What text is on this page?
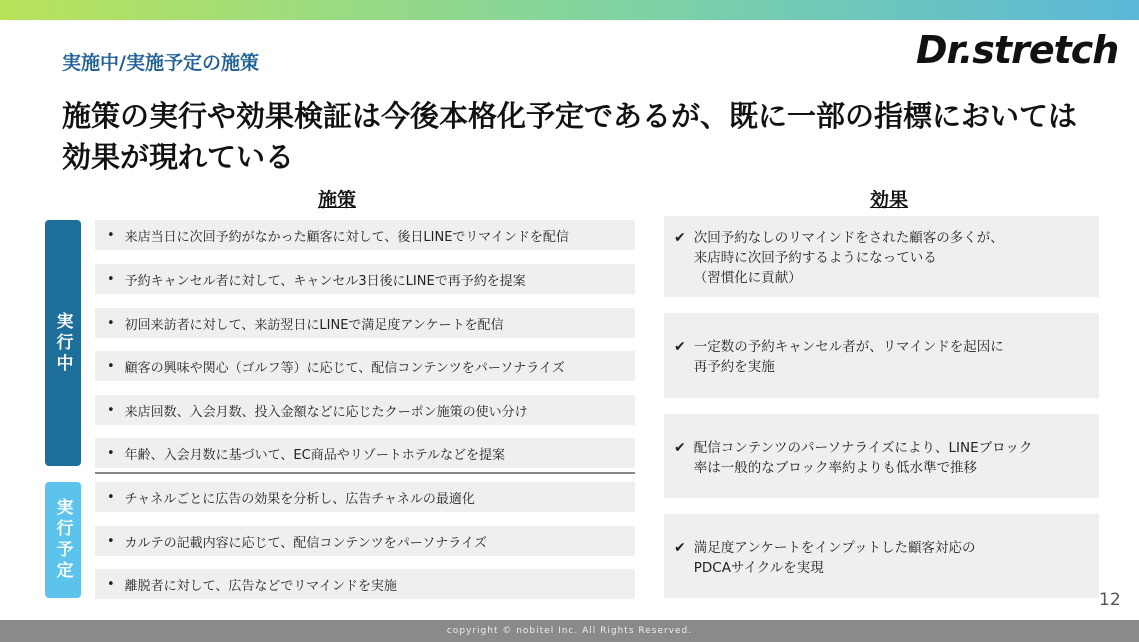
実施中/実施予定の施策	Dr.stretch
施策の実行や効果検証は今後本格化予定であるが、既に一部の指標においては効果が現れている
施策	効果
実行中
実行予定
• 来店当日に次回予約がなかった顧客に対して、後日LINEでリマインドを配信
• 予約キャンセル者に対して、キャンセル3日後にLINEで再予約を提案
• 初回来訪者に対して、来訪翌日にLINEで満足度アンケートを配信
• 顧客の興味や関心（ゴルフ等）に応じて、配信コンテンツをパーソナライズ
• 来店回数、入会月数、投入金額などに応じたクーポン施策の使い分け
• 年齢、入会月数に基づいて、EC商品やリゾートホテルなどを提案
• チャネルごとに広告の効果を分析し、広告チャネルの最適化
• カルテの記載内容に応じて、配信コンテンツをパーソナライズ
• 離脱者に対して、広告などでリマインドを実施
✔ 次回予約なしのリマインドをされた顧客の多くが、
来店時に次回予約するようになっている
（習慣化に貢献）
✔ 一定数の予約キャンセル者が、リマインドを起因に
再予約を実施
✔ 配信コンテンツのパーソナライズにより、LINEブロック
率は一般的なブロック率約よりも低水準で推移
✔ 満足度アンケートをインプットした顧客対応の
PDCAサイクルを実現
12
copyright © nobitel Inc. All Rights Reserved.
